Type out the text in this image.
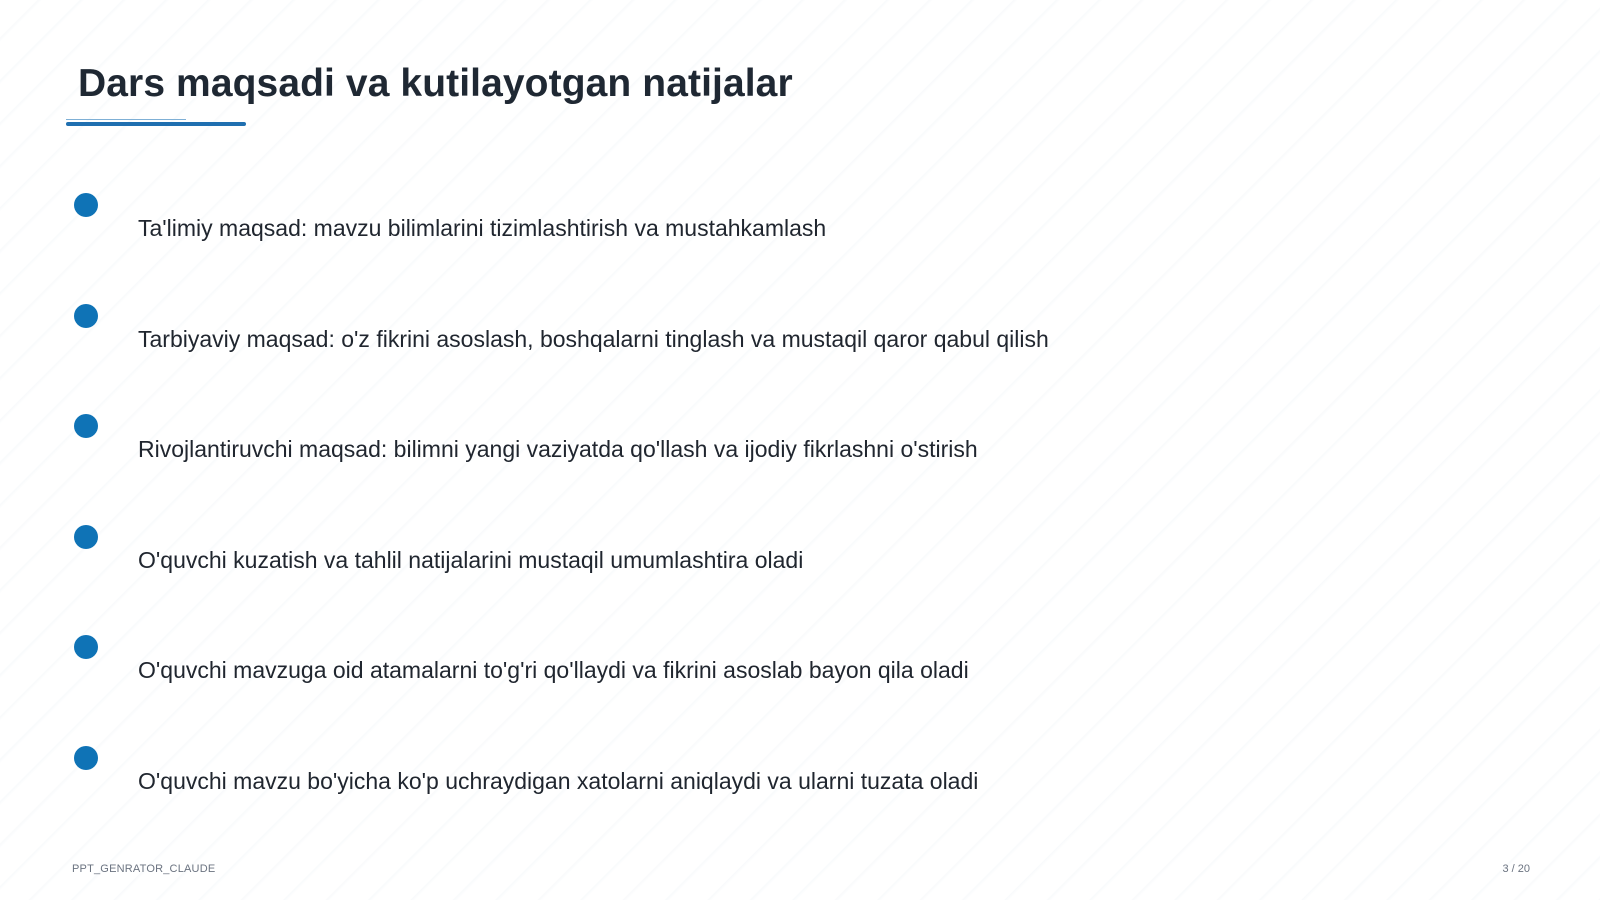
Dars maqsadi va kutilayotgan natijalar
Ta'limiy maqsad: mavzu bilimlarini tizimlashtirish va mustahkamlash
Tarbiyaviy maqsad: o'z fikrini asoslash, boshqalarni tinglash va mustaqil qaror qabul qilish
Rivojlantiruvchi maqsad: bilimni yangi vaziyatda qo'llash va ijodiy fikrlashni o'stirish
O'quvchi kuzatish va tahlil natijalarini mustaqil umumlashtira oladi
O'quvchi mavzuga oid atamalarni to'g'ri qo'llaydi va fikrini asoslab bayon qila oladi
O'quvchi mavzu bo'yicha ko'p uchraydigan xatolarni aniqlaydi va ularni tuzata oladi
PPT_GENRATOR_CLAUDE	3 / 20
